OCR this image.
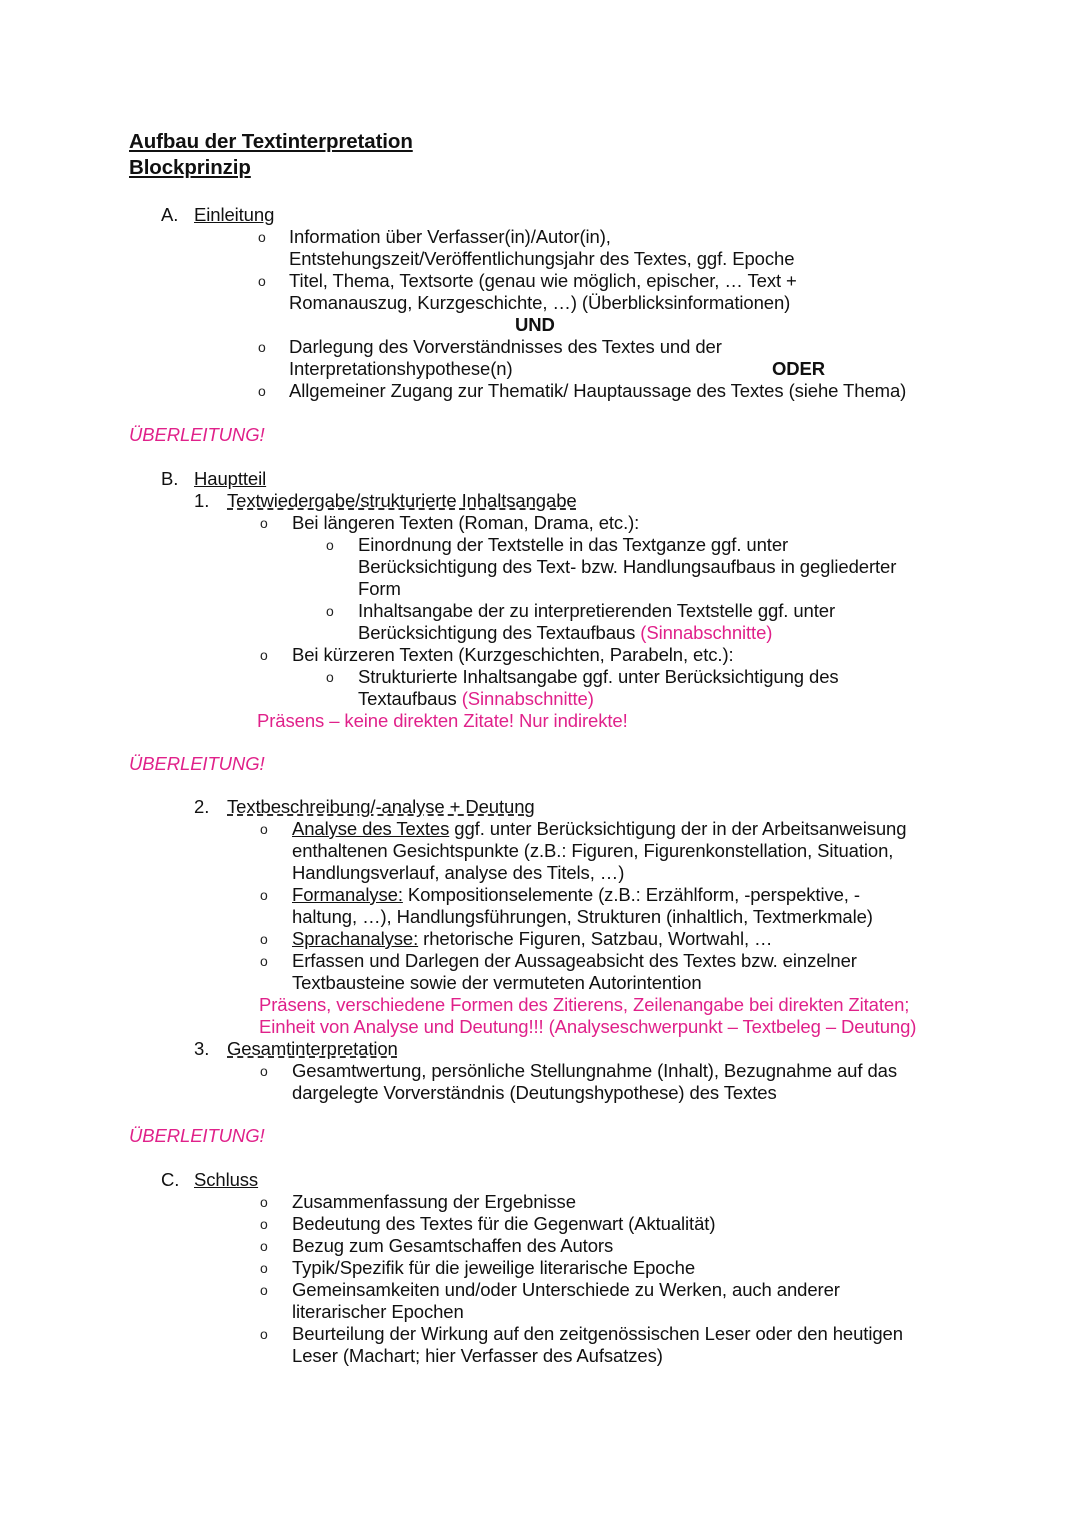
Aufbau der Textinterpretation
Blockprinzip
A. Einleitung
o Information über Verfasser(in)/Autor(in),
Entstehungszeit/Veröffentlichungsjahr des Textes, ggf. Epoche
o Titel, Thema, Textsorte (genau wie möglich, epischer, … Text +
Romanauszug, Kurzgeschichte, …) (Überblicksinformationen)
UND
o Darlegung des Vorverständnisses des Textes und der
Interpretationshypothese(n)	ODER
o Allgemeiner Zugang zur Thematik/ Hauptaussage des Textes (siehe Thema)
ÜBERLEITUNG!
B. Hauptteil
1. Textwiedergabe/strukturierte Inhaltsangabe
o Bei längeren Texten (Roman, Drama, etc.):
o Einordnung der Textstelle in das Textganze ggf. unter
Berücksichtigung des Text- bzw. Handlungsaufbaus in gegliederter
Form
o Inhaltsangabe der zu interpretierenden Textstelle ggf. unter
Berücksichtigung des Textaufbaus (Sinnabschnitte)
o Bei kürzeren Texten (Kurzgeschichten, Parabeln, etc.):
o Strukturierte Inhaltsangabe ggf. unter Berücksichtigung des
Textaufbaus (Sinnabschnitte)
Präsens – keine direkten Zitate! Nur indirekte!
ÜBERLEITUNG!
2. Textbeschreibung/-analyse + Deutung
o Analyse des Textes ggf. unter Berücksichtigung der in der Arbeitsanweisung
enthaltenen Gesichtspunkte (z.B.: Figuren, Figurenkonstellation, Situation,
Handlungsverlauf, analyse des Titels, …)
o Formanalyse: Kompositionselemente (z.B.: Erzählform, -perspektive, -
haltung, …), Handlungsführungen, Strukturen (inhaltlich, Textmerkmale)
o Sprachanalyse: rhetorische Figuren, Satzbau, Wortwahl, …
o Erfassen und Darlegen der Aussageabsicht des Textes bzw. einzelner
Textbausteine sowie der vermuteten Autorintention
Präsens, verschiedene Formen des Zitierens, Zeilenangabe bei direkten Zitaten;
Einheit von Analyse und Deutung!!! (Analyseschwerpunkt – Textbeleg – Deutung)
3. Gesamtinterpretation
o Gesamtwertung, persönliche Stellungnahme (Inhalt), Bezugnahme auf das
dargelegte Vorverständnis (Deutungshypothese) des Textes
ÜBERLEITUNG!
C. Schluss
o Zusammenfassung der Ergebnisse
o Bedeutung des Textes für die Gegenwart (Aktualität)
o Bezug zum Gesamtschaffen des Autors
o Typik/Spezifik für die jeweilige literarische Epoche
o Gemeinsamkeiten und/oder Unterschiede zu Werken, auch anderer
literarischer Epochen
o Beurteilung der Wirkung auf den zeitgenössischen Leser oder den heutigen
Leser (Machart; hier Verfasser des Aufsatzes)
